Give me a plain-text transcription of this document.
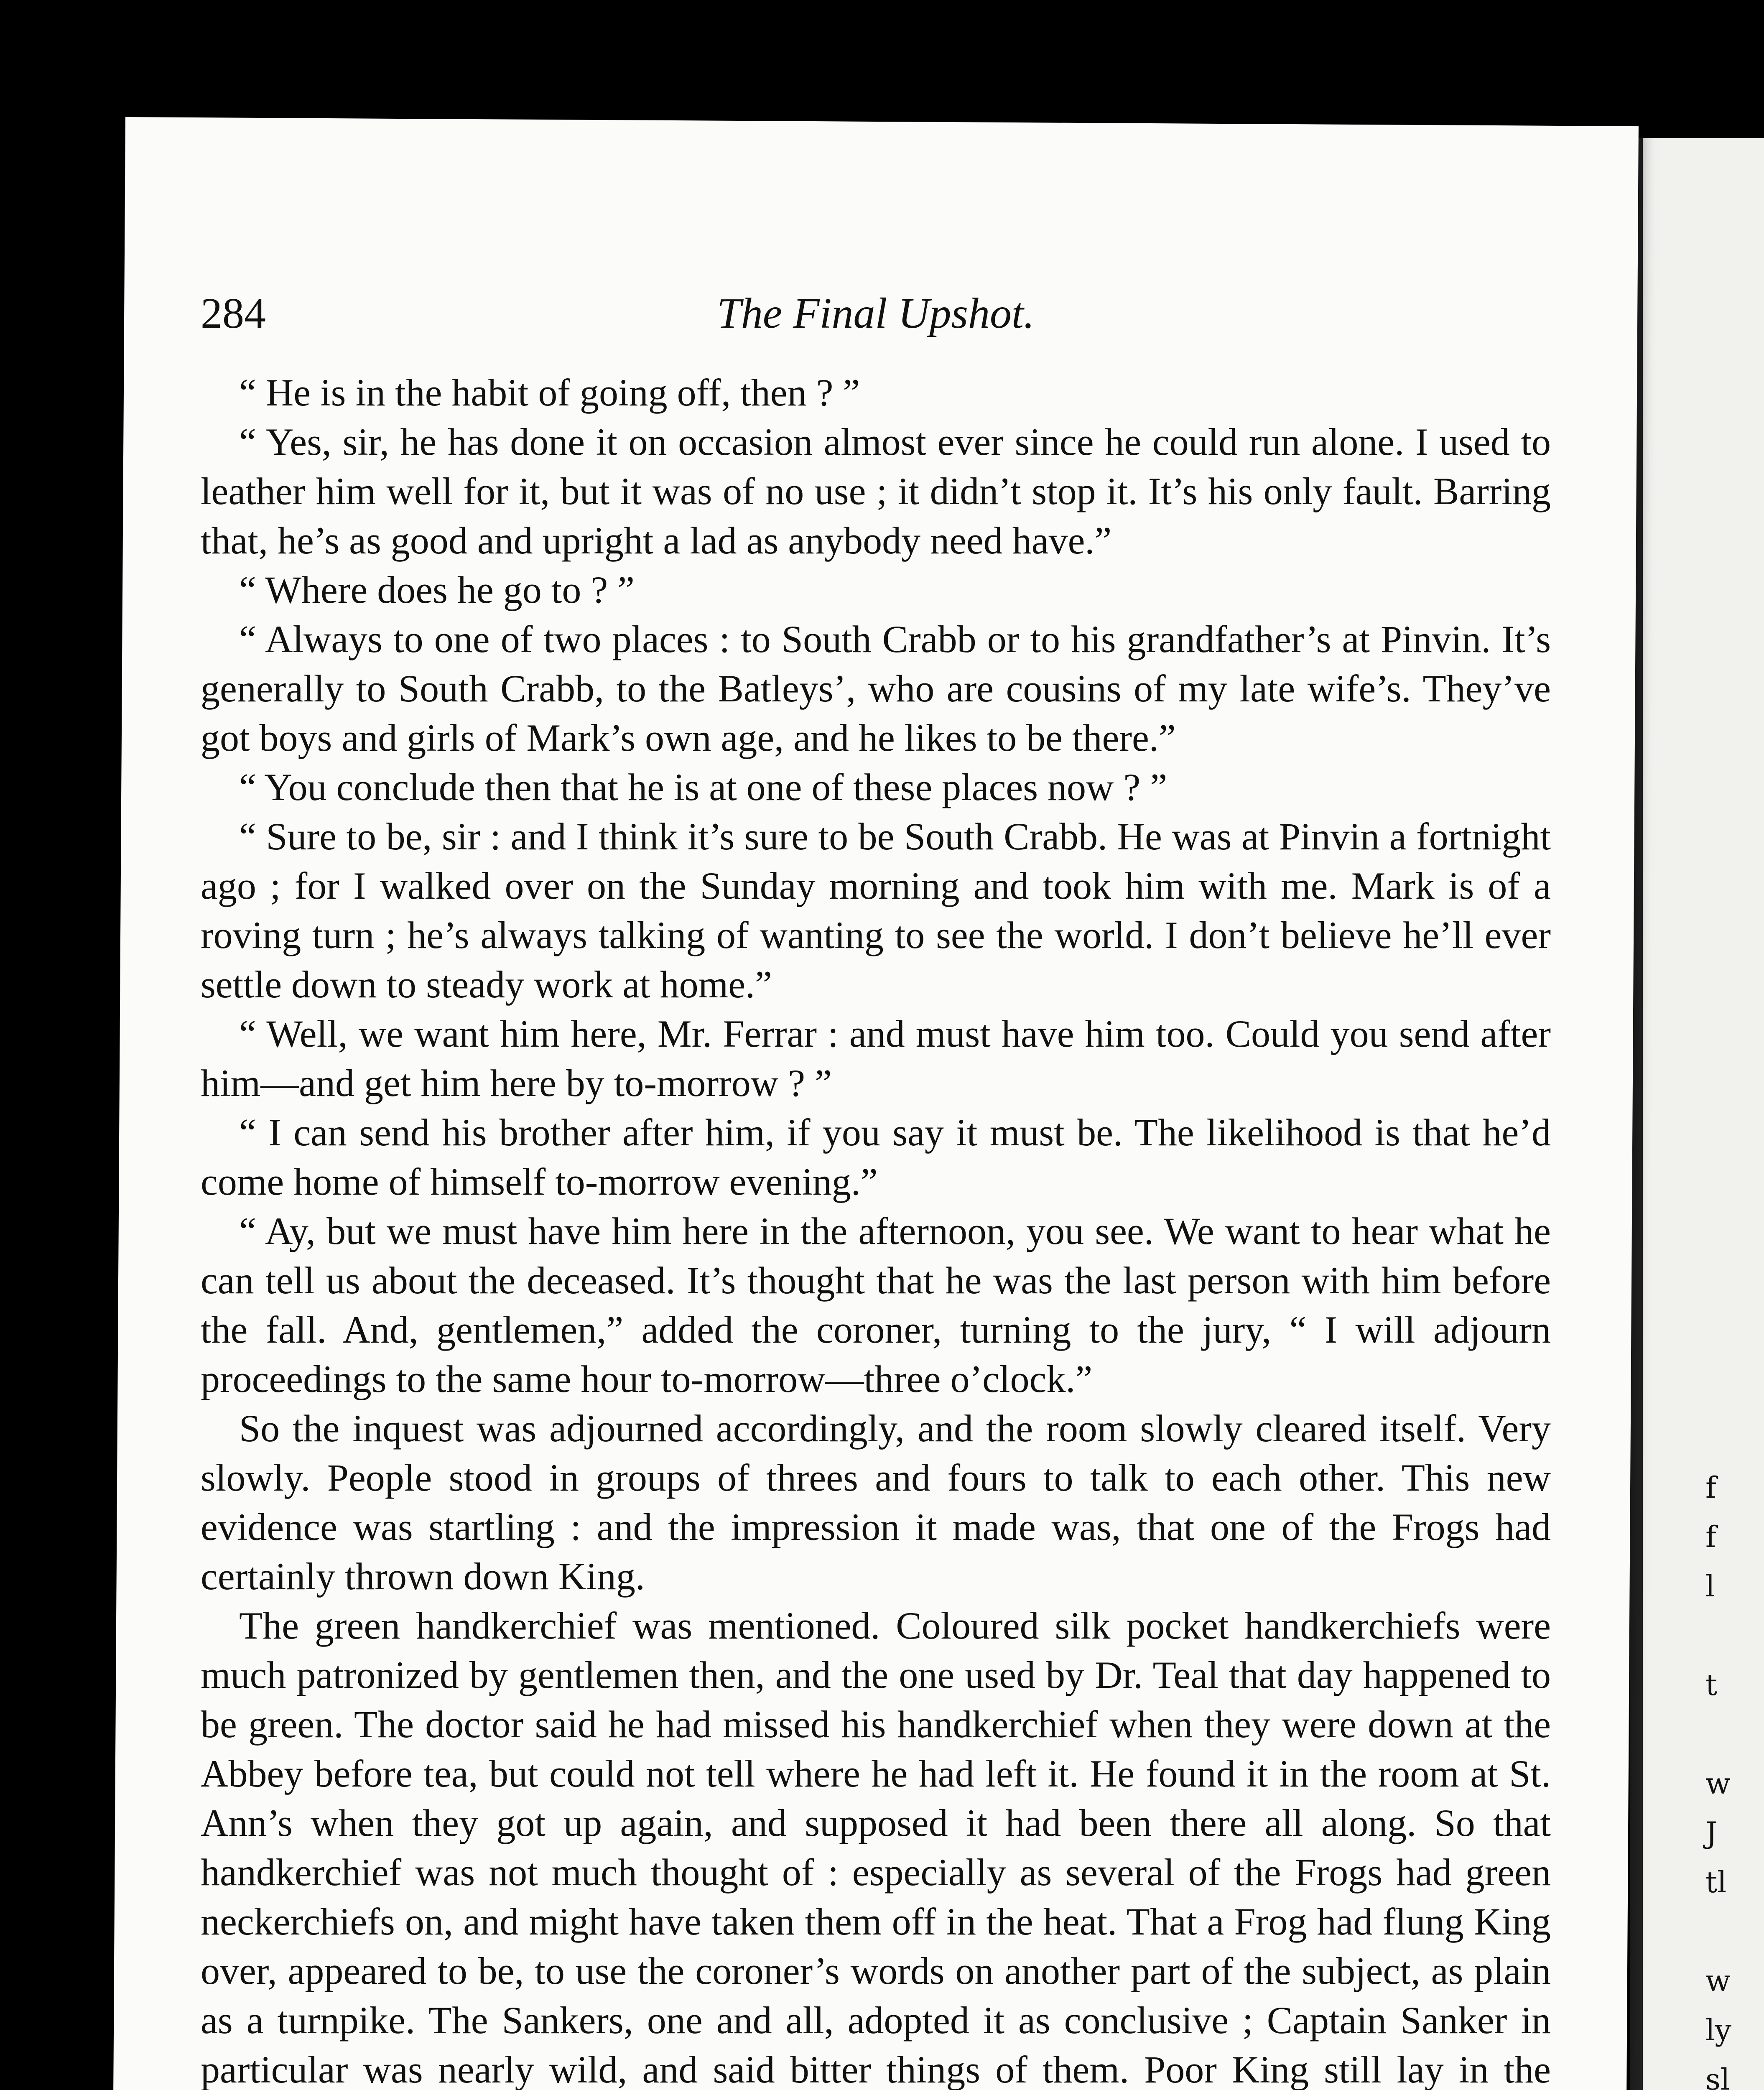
f
f
l

t

w
J
tl

w
ly
sl

284	The Final Upshot.

“ He is in the habit of going off, then ? ”

“ Yes, sir, he has done it on occasion almost ever since he could run alone. I used to leather him well for it, but it was of no use ; it didn’t stop it. It’s his only fault. Barring that, he’s as good and upright a lad as anybody need have.”

“ Where does he go to ? ”

“ Always to one of two places : to South Crabb or to his grandfather’s at Pinvin. It’s generally to South Crabb, to the Batleys’, who are cousins of my late wife’s. They’ve got boys and girls of Mark’s own age, and he likes to be there.”

“ You conclude then that he is at one of these places now ? ”

“ Sure to be, sir : and I think it’s sure to be South Crabb. He was at Pinvin a fortnight ago ; for I walked over on the Sunday morning and took him with me. Mark is of a roving turn ; he’s always talking of wanting to see the world. I don’t believe he’ll ever settle down to steady work at home.”

“ Well, we want him here, Mr. Ferrar : and must have him too. Could you send after him—and get him here by to-morrow ? ”

“ I can send his brother after him, if you say it must be. The likelihood is that he’d come home of himself to-morrow evening.”

“ Ay, but we must have him here in the afternoon, you see. We want to hear what he can tell us about the deceased. It’s thought that he was the last person with him before the fall. And, gentlemen,” added the coroner, turning to the jury, “ I will adjourn proceedings to the same hour to-morrow—three o’clock.”

So the inquest was adjourned accordingly, and the room slowly cleared itself. Very slowly. People stood in groups of threes and fours to talk to each other. This new evidence was startling : and the impression it made was, that one of the Frogs had certainly thrown down King.

The green handkerchief was mentioned. Coloured silk pocket handkerchiefs were much patronized by gentlemen then, and the one used by Dr. Teal that day happened to be green. The doctor said he had missed his handkerchief when they were down at the Abbey before tea, but could not tell where he had left it. He found it in the room at St. Ann’s when they got up again, and supposed it had been there all along. So that handkerchief was not much thought of : especially as several of the Frogs had green neckerchiefs on, and might have taken them off in the heat. That a Frog had flung King over, appeared to be, to use the coroner’s words on another part of the subject, as plain as a turnpike. The Sankers, one and all, adopted it as conclusive ; Captain Sanker in particular was nearly wild, and said bitter things of them. Poor King still lay in the
